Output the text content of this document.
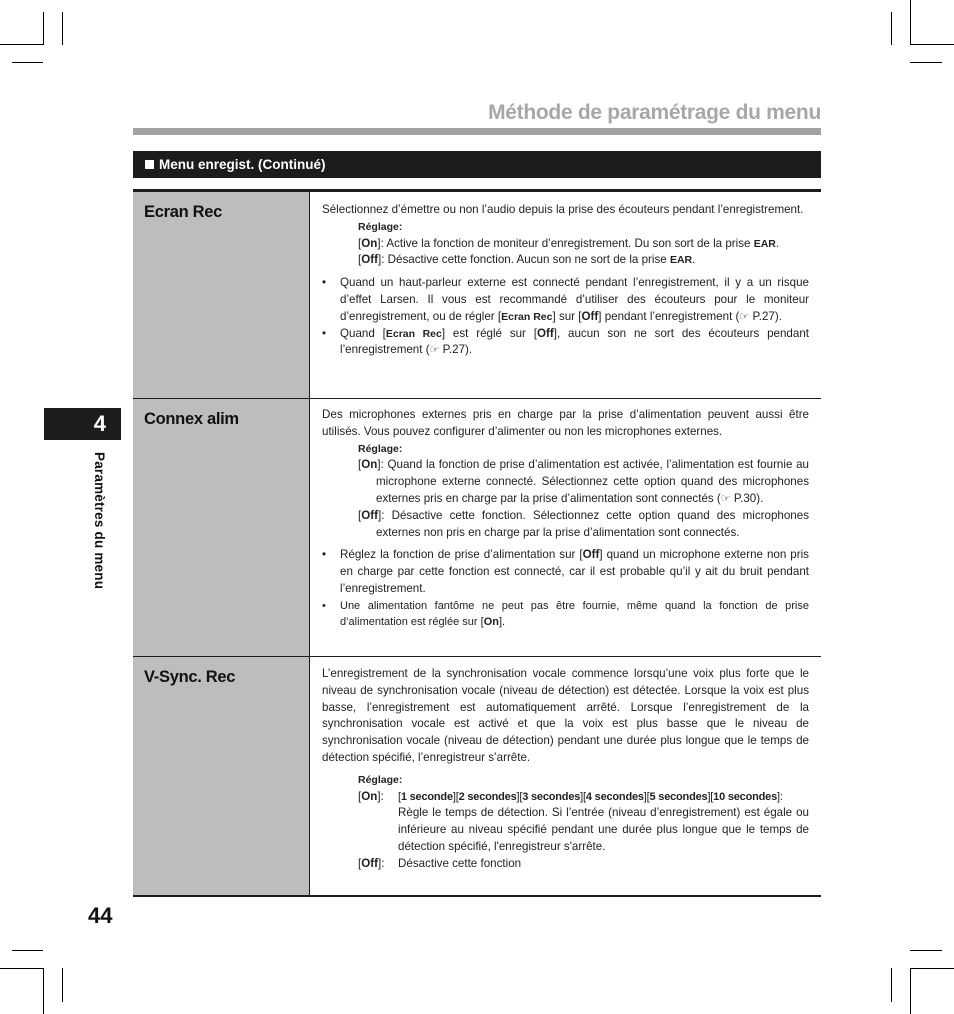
Méthode de paramétrage du menu
Menu enregist. (Continué)
Ecran Rec	Sélectionnez d’émettre ou non l’audio depuis la prise des écouteurs pendant l’enregistrement.

Réglage:
[On]: Active la fonction de moniteur d’enregistrement. Du son sort de la prise EAR.
[Off]: Désactive cette fonction. Aucun son ne sort de la prise EAR.
• Quand un haut-parleur externe est connecté pendant l’enregistrement, il y a un risque d’effet Larsen. Il vous est recommandé d’utiliser des écouteurs pour le moniteur d’enregistrement, ou de régler [Ecran Rec] sur [Off] pendant l’enregistrement (☞ P.27).
• Quand [Ecran Rec] est réglé sur [Off], aucun son ne sort des écouteurs pendant l’enregistrement (☞ P.27).
Connex alim	Des microphones externes pris en charge par la prise d’alimentation peuvent aussi être utilisés. Vous pouvez configurer d’alimenter ou non les microphones externes.

Réglage:
[On]: Quand la fonction de prise d’alimentation est activée, l’alimentation est fournie au microphone externe connecté. Sélectionnez cette option quand des microphones externes pris en charge par la prise d’alimentation sont connectés (☞ P.30).
[Off]: Désactive cette fonction. Sélectionnez cette option quand des microphones externes non pris en charge par la prise d’alimentation sont connectés.
• Réglez la fonction de prise d’alimentation sur [Off] quand un microphone externe non pris en charge par cette fonction est connecté, car il est probable qu’il y ait du bruit pendant l’enregistrement.
• Une alimentation fantôme ne peut pas être fournie, même quand la fonction de prise d’alimentation est réglée sur [On].
V-Sync. Rec	L’enregistrement de la synchronisation vocale commence lorsqu’une voix plus forte que le niveau de synchronisation vocale (niveau de détection) est détectée. Lorsque la voix est plus basse, l’enregistrement est automatiquement arrêté. Lorsque l’enregistrement de la synchronisation vocale est activé et que la voix est plus basse que le niveau de synchronisation vocale (niveau de détection) pendant une durée plus longue que le temps de détection spécifié, l’enregistreur s’arrête.

Réglage:
[On]:	[1 seconde][2 secondes][3 secondes][4 secondes][5 secondes][10 secondes]:
Règle le temps de détection. Si l’entrée (niveau d’enregistrement) est égale ou inférieure au niveau spécifié pendant une durée plus longue que le temps de détection spécifié, l'enregistreur s'arrête.
[Off]:	Désactive cette fonction
4
Paramètres du menu
44
